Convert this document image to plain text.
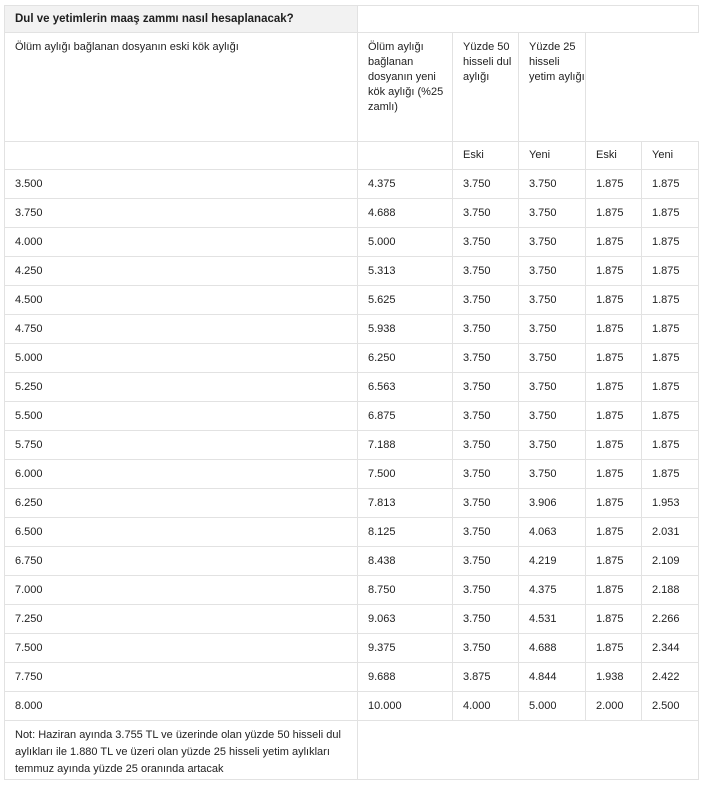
Dul ve yetimlerin maaş zammı nasıl hesaplanacak?					
Ölüm aylığı bağlanan dosyanın eski kök aylığı	Ölüm aylığı bağlanan dosyanın yeni kök aylığı (%25 zamlı)	Yüzde 50 hisseli dul aylığı	Yüzde 25 hisseli yetim aylığı		
		Eski	Yeni	Eski	Yeni
3.500	4.375	3.750	3.750	1.875	1.875
3.750	4.688	3.750	3.750	1.875	1.875
4.000	5.000	3.750	3.750	1.875	1.875
4.250	5.313	3.750	3.750	1.875	1.875
4.500	5.625	3.750	3.750	1.875	1.875
4.750	5.938	3.750	3.750	1.875	1.875
5.000	6.250	3.750	3.750	1.875	1.875
5.250	6.563	3.750	3.750	1.875	1.875
5.500	6.875	3.750	3.750	1.875	1.875
5.750	7.188	3.750	3.750	1.875	1.875
6.000	7.500	3.750	3.750	1.875	1.875
6.250	7.813	3.750	3.906	1.875	1.953
6.500	8.125	3.750	4.063	1.875	2.031
6.750	8.438	3.750	4.219	1.875	2.109
7.000	8.750	3.750	4.375	1.875	2.188
7.250	9.063	3.750	4.531	1.875	2.266
7.500	9.375	3.750	4.688	1.875	2.344
7.750	9.688	3.875	4.844	1.938	2.422
8.000	10.000	4.000	5.000	2.000	2.500
Not: Haziran ayında 3.755 TL ve üzerinde olan yüzde 50 hisseli dul aylıkları ile 1.880 TL ve üzeri olan yüzde 25 hisseli yetim aylıkları temmuz ayında yüzde 25 oranında artacak					
